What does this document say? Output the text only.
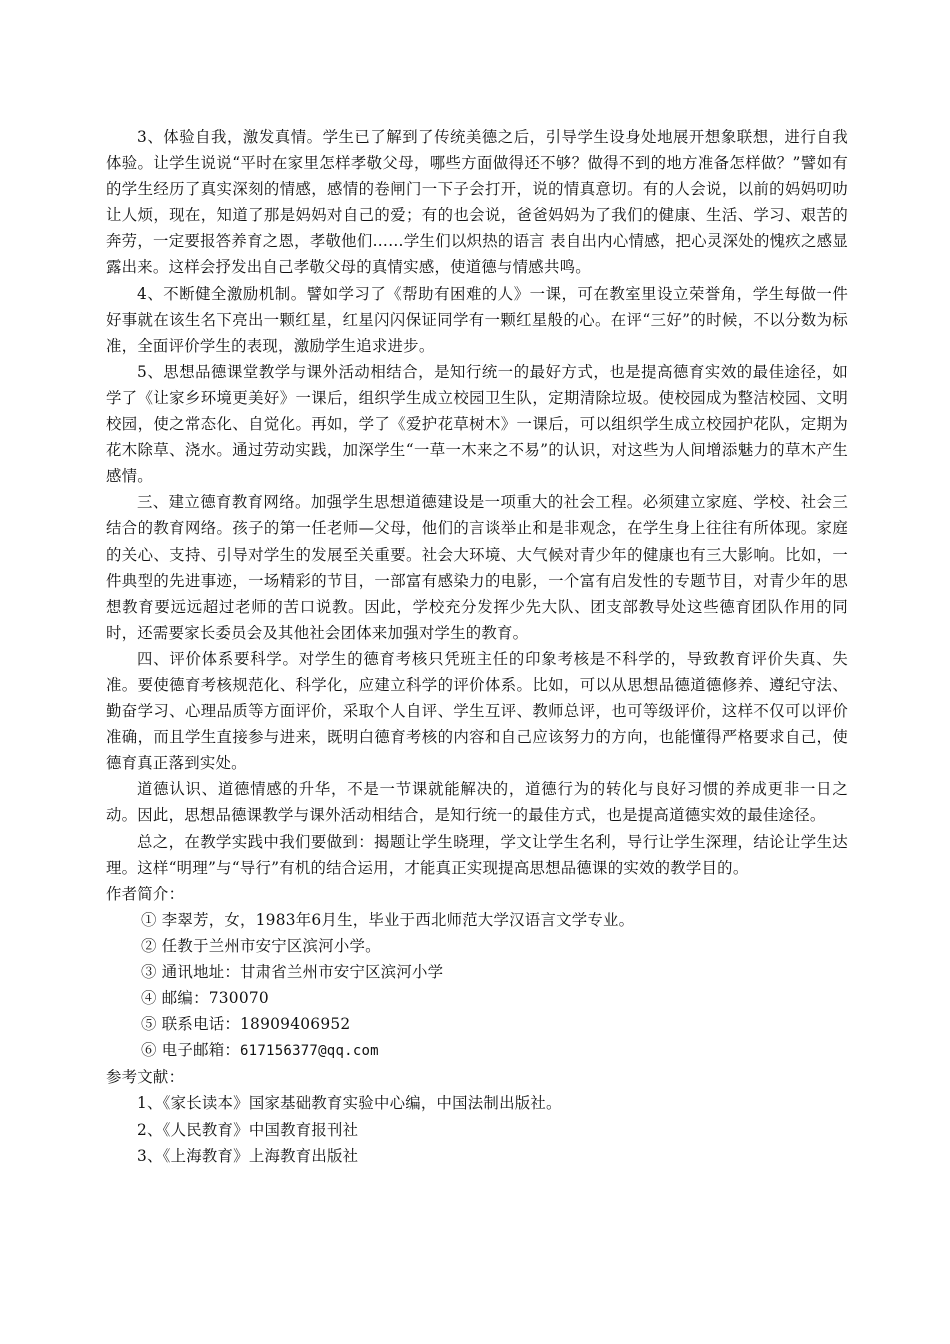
3、体验自我，激发真情。学生已了解到了传统美德之后，引导学生设身处地展开想象联想，进行自我体验。让学生说说“平时在家里怎样孝敬父母，哪些方面做得还不够？做得不到的地方准备怎样做？”譬如有的学生经历了真实深刻的情感，感情的卷闸门一下子会打开，说的情真意切。有的人会说，以前的妈妈叨叻让人烦，现在，知道了那是妈妈对自己的爱；有的也会说，爸爸妈妈为了我们的健康、生活、学习、艰苦的奔劳，一定要报答养育之恩，孝敬他们……学生们以炽热的语言 表自出内心情感，把心灵深处的愧疚之感显露出来。这样会抒发出自己孝敬父母的真情实感，使道德与情感共鸣。

4、不断健全激励机制。譬如学习了《帮助有困难的人》一课，可在教室里设立荣誉角，学生每做一件好事就在该生名下亮出一颗红星，红星闪闪保证同学有一颗红星般的心。在评“三好”的时候，不以分数为标准，全面评价学生的表现，激励学生追求进步。

5、思想品德课堂教学与课外活动相结合，是知行统一的最好方式，也是提高德育实效的最佳途径，如学了《让家乡环境更美好》一课后，组织学生成立校园卫生队，定期清除垃圾。使校园成为整洁校园、文明校园，使之常态化、自觉化。再如，学了《爱护花草树木》一课后，可以组织学生成立校园护花队，定期为花木除草、浇水。通过劳动实践，加深学生“一草一木来之不易”的认识，对这些为人间增添魅力的草木产生感情。

三、建立德育教育网络。加强学生思想道德建设是一项重大的社会工程。必须建立家庭、学校、社会三结合的教育网络。孩子的第一任老师—父母，他们的言谈举止和是非观念，在学生身上往往有所体现。家庭的关心、支持、引导对学生的发展至关重要。社会大环境、大气候对青少年的健康也有三大影响。比如，一件典型的先进事迹，一场精彩的节目，一部富有感染力的电影，一个富有启发性的专题节目，对青少年的思想教育要远远超过老师的苦口说教。因此，学校充分发挥少先大队、团支部教导处这些德育团队作用的同时，还需要家长委员会及其他社会团体来加强对学生的教育。

四、评价体系要科学。对学生的德育考核只凭班主任的印象考核是不科学的，导致教育评价失真、失准。要使德育考核规范化、科学化，应建立科学的评价体系。比如，可以从思想品德道德修养、遵纪守法、勤奋学习、心理品质等方面评价，采取个人自评、学生互评、教师总评，也可等级评价，这样不仅可以评价准确，而且学生直接参与进来，既明白德育考核的内容和自己应该努力的方向，也能懂得严格要求自己，使德育真正落到实处。

道德认识、道德情感的升华，不是一节课就能解决的，道德行为的转化与良好习惯的养成更非一日之动。因此，思想品德课教学与课外活动相结合，是知行统一的最佳方式，也是提高道德实效的最佳途径。

总之，在教学实践中我们要做到：揭题让学生晓理，学文让学生名利，导行让学生深理，结论让学生达理。这样“明理”与“导行”有机的结合运用，才能真正实现提高思想品德课的实效的教学目的。

作者简介：
① 李翠芳，女，1983年6月生，毕业于西北师范大学汉语言文学专业。
② 任教于兰州市安宁区滨河小学。
③ 通讯地址：甘肃省兰州市安宁区滨河小学
④ 邮编：730070
⑤ 联系电话：18909406952
⑥ 电子邮箱：617156377@qq.com
参考文献：
1、《家长读本》国家基础教育实验中心编，中国法制出版社。
2、《人民教育》中国教育报刊社
3、《上海教育》上海教育出版社
